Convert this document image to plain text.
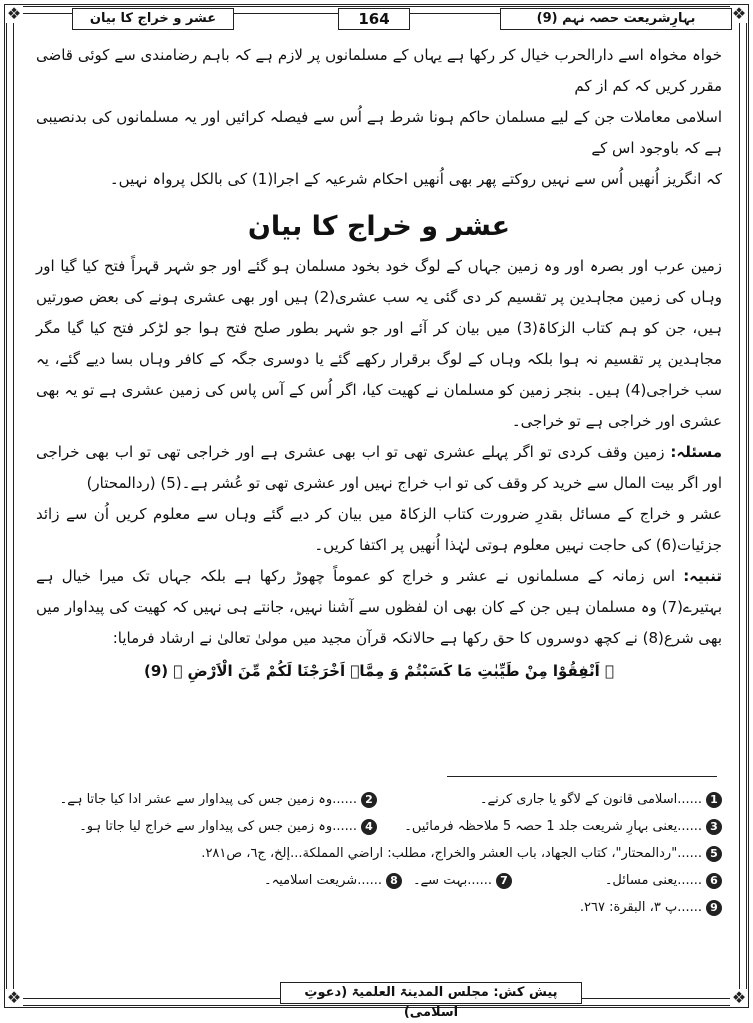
❖	❖
❖	❖
بہارِشریعت حصہ نہم (9)
164
عشر و خراج کا بیان

خواہ مخواہ اسے دارالحرب خیال کر رکھا ہے یہاں کے مسلمانوں پر لازم ہے کہ باہم رضامندی سے کوئی قاضی مقرر کریں کہ کم از کم

اسلامی معاملات جن کے لیے مسلمان حاکم ہونا شرط ہے اُس سے فیصلہ کرائیں اور یہ مسلمانوں کی بدنصیبی ہے کہ باوجود اس کے

کہ انگریز اُنھیں اُس سے نہیں روکتے پھر بھی اُنھیں احکام شرعیہ کے اجرا(1) کی بالکل پرواہ نہیں۔

عشر و خراج کا بیان

زمین عرب اور بصرہ اور وہ زمین جہاں کے لوگ خود بخود مسلمان ہو گئے اور جو شہر قہراً فتح کیا گیا اور وہاں کی زمین مجاہدین پر تقسیم کر دی گئی یہ سب عشری(2) ہیں اور بھی عشری ہونے کی بعض صورتیں ہیں، جن کو ہم کتاب الزکاۃ(3) میں بیان کر آئے اور جو شہر بطور صلح فتح ہوا جو لڑکر فتح کیا گیا مگر مجاہدین پر تقسیم نہ ہوا بلکہ وہاں کے لوگ برقرار رکھے گئے یا دوسری جگہ کے کافر وہاں بسا دیے گئے، یہ سب خراجی(4) ہیں۔ بنجر زمین کو مسلمان نے کھیت کیا، اگر اُس کے آس پاس کی زمین عشری ہے تو یہ بھی عشری اور خراجی ہے تو خراجی۔

مسئلہ: زمین وقف کردی تو اگر پہلے عشری تھی تو اب بھی عشری ہے اور خراجی تھی تو اب بھی خراجی اور اگر بیت المال سے خرید کر وقف کی تو اب خراج نہیں اور عشری تھی تو عُشر ہے۔(5) (ردالمحتار)

عشر و خراج کے مسائل بقدرِ ضرورت کتاب الزکاۃ میں بیان کر دیے گئے وہاں سے معلوم کریں اُن سے زائد جزئیات(6) کی حاجت نہیں معلوم ہوتی لہٰذا اُنھیں پر اکتفا کریں۔

تنبیہ: اس زمانہ کے مسلمانوں نے عشر و خراج کو عموماً چھوڑ رکھا ہے بلکہ جہاں تک میرا خیال ہے بہتیرے(7) وہ مسلمان ہیں جن کے کان بھی ان لفظوں سے آشنا نہیں، جانتے ہی نہیں کہ کھیت کی پیداوار میں بھی شرع(8) نے کچھ دوسروں کا حق رکھا ہے حالانکہ قرآن مجید میں مولیٰ تعالیٰ نے ارشاد فرمایا:

﴿ اَنْفِقُوْا مِنْ طَیِّبٰتِ مَا كَسَبْتُمْ وَ مِمَّاۤ اَخْرَجْنَا لَكُمْ مِّنَ الْاَرْضِ ﴾ (9)
1
......اسلامی قانون کے لاگو یا جاری کرنے۔
2
......وہ زمین جس کی پیداوار سے عشر ادا کیا جاتا ہے۔
3
......یعنی بہارِ شریعت جلد 1 حصہ 5 ملاحظہ فرمائیں۔
4
......وہ زمین جس کی پیداوار سے خراج لیا جاتا ہو۔
5
......"ردالمحتار"، کتاب الجهاد، باب العشر والخراج، مطلب: اراضي المملكة...إلخ، ج٦، ص٢٨١.
6
......یعنی مسائل۔
7
......بہت سے۔
8
......شریعت اسلامیہ۔
9
......پ ٣، البقرة: ٢٦٧.
پیش کش: مجلس المدینۃ العلمیۃ (دعوتِ اسلامی)
